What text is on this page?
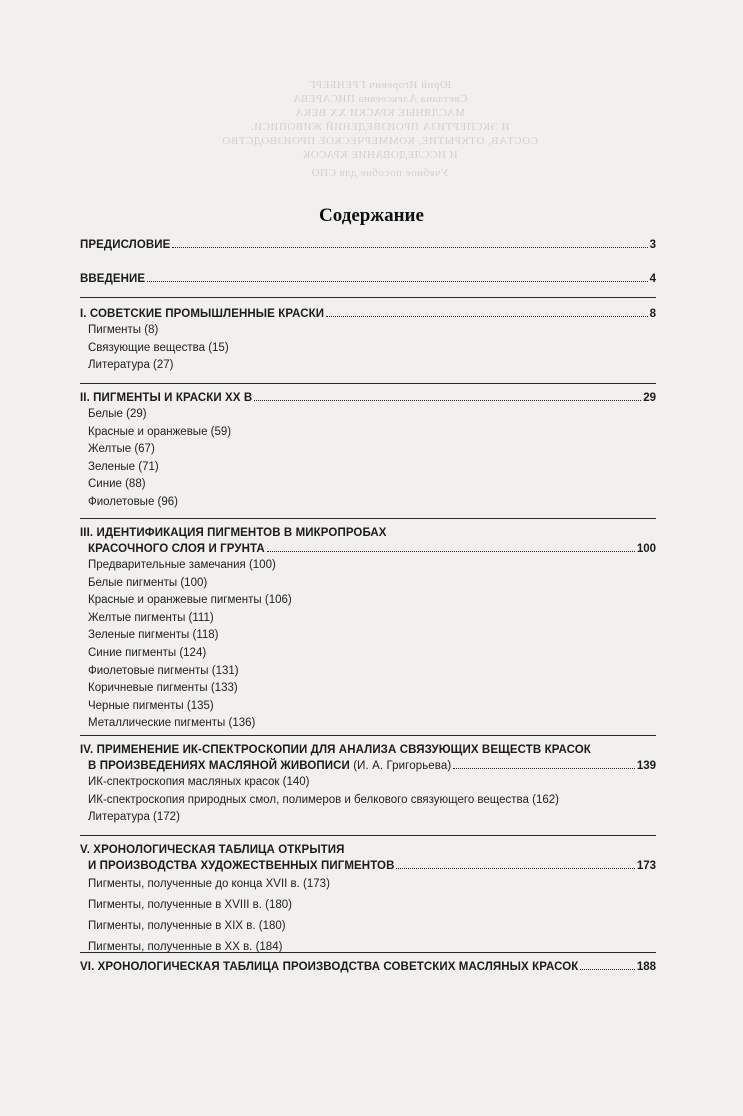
Юрий Игоревич ГРЕНБЕРГ
Светлана Алексеевна ПИСАРЕВА
МАСЛЯНЫЕ КРАСКИ XX ВЕКА
И ЭКСПЕРТИЗА ПРОИЗВЕДЕНИЙ ЖИВОПИСИ.
СОСТАВ, ОТКРЫТИЕ, КОММЕРЧЕСКОЕ ПРОИЗВОДСТВО
И ИССЛЕДОВАНИЕ КРАСОК
Учебное пособие для СПО
Содержание
ПРЕДИСЛОВИЕ	3
ВВЕДЕНИЕ	4
I. СОВЕТСКИЕ ПРОМЫШЛЕННЫЕ КРАСКИ	8
Пигменты (8)
Связующие вещества (15)
Литература (27)
II. ПИГМЕНТЫ И КРАСКИ XX В	29
Белые (29)
Красные и оранжевые (59)
Желтые (67)
Зеленые (71)
Синие (88)
Фиолетовые (96)
III. ИДЕНТИФИКАЦИЯ ПИГМЕНТОВ В МИКРОПРОБАХ
КРАСОЧНОГО СЛОЯ И ГРУНТА	100
Предварительные замечания (100)
Белые пигменты (100)
Красные и оранжевые пигменты (106)
Желтые пигменты (111)
Зеленые пигменты (118)
Синие пигменты (124)
Фиолетовые пигменты (131)
Коричневые пигменты (133)
Черные пигменты (135)
Металлические пигменты (136)
IV. ПРИМЕНЕНИЕ ИК-СПЕКТРОСКОПИИ ДЛЯ АНАЛИЗА СВЯЗУЮЩИХ ВЕЩЕСТВ КРАСОК
В ПРОИЗВЕДЕНИЯХ МАСЛЯНОЙ ЖИВОПИСИ (И. А. Григорьева)	139
ИК-спектроскопия масляных красок (140)
ИК-спектроскопия природных смол, полимеров и белкового связующего вещества (162)
Литература (172)
V. ХРОНОЛОГИЧЕСКАЯ ТАБЛИЦА ОТКРЫТИЯ
И ПРОИЗВОДСТВА ХУДОЖЕСТВЕННЫХ ПИГМЕНТОВ	173
Пигменты, полученные до конца XVII в. (173)
Пигменты, полученные в XVIII в. (180)
Пигменты, полученные в XIX в. (180)
Пигменты, полученные в XX в. (184)
VI. ХРОНОЛОГИЧЕСКАЯ ТАБЛИЦА ПРОИЗВОДСТВА СОВЕТСКИХ МАСЛЯНЫХ КРАСОК	188
